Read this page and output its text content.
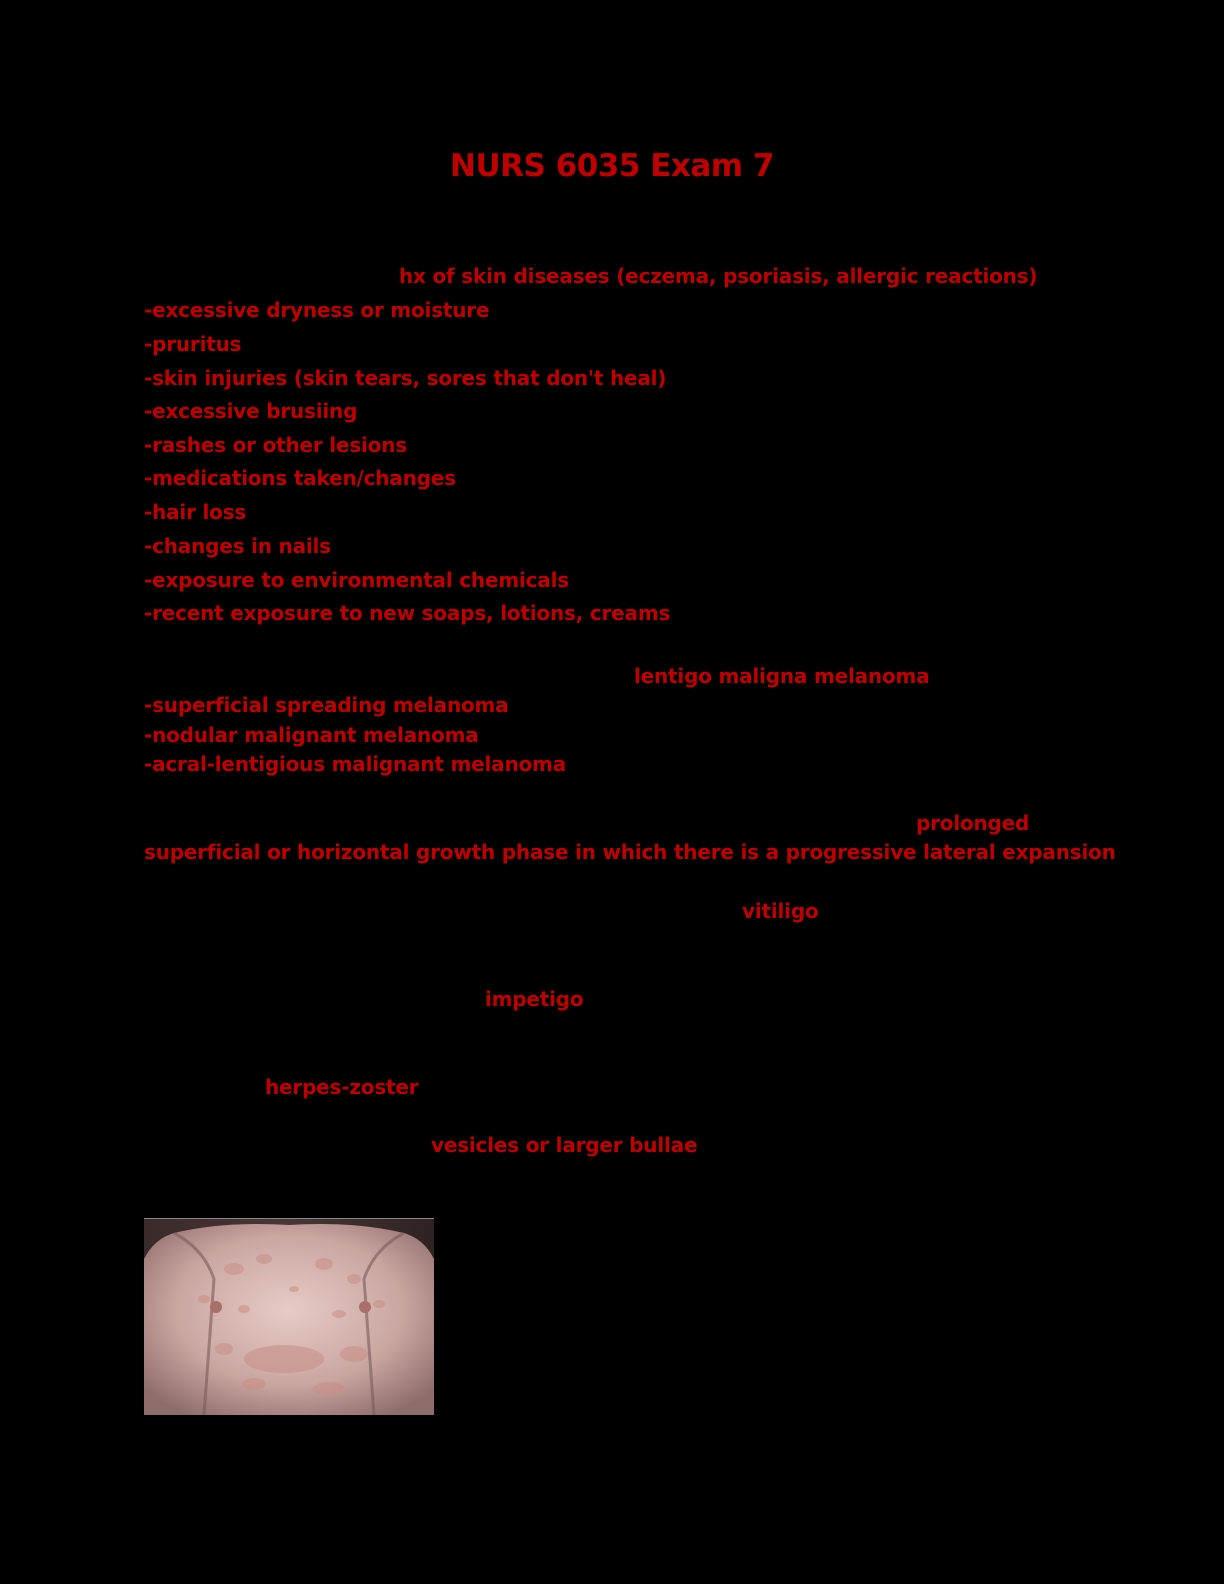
NURS 6035 Exam 7
hx of skin diseases (eczema, psoriasis, allergic reactions)
-excessive dryness or moisture
-pruritus
-skin injuries (skin tears, sores that don't heal)
-excessive brusiing
-rashes or other lesions
-medications taken/changes
-hair loss
-changes in nails
-exposure to environmental chemicals
-recent exposure to new soaps, lotions, creams
lentigo maligna melanoma
-superficial spreading melanoma
-nodular malignant melanoma
-acral-lentigious malignant melanoma
prolonged
superficial or horizontal growth phase in which there is a progressive lateral expansion
vitiligo
impetigo
herpes-zoster
vesicles or larger bullae
